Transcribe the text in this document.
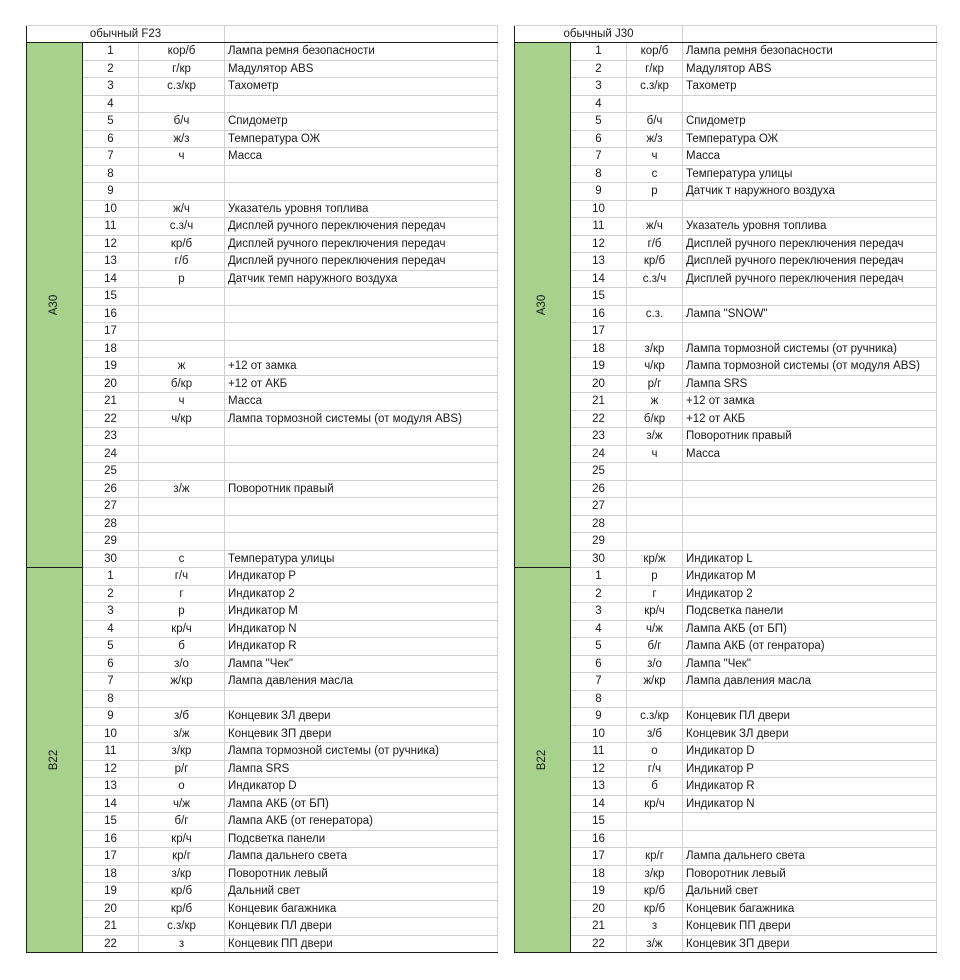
обычный F23			
А30	1	кор/б	Лампа ремня безопасности
	2	г/кр	Мадулятор ABS
	3	с.з/кр	Тахометр
	4		
	5	б/ч	Спидометр
	6	ж/з	Температура ОЖ
	7	ч	Масса
	8		
	9		
	10	ж/ч	Указатель уровня топлива
	11	с.з/ч	Дисплей ручного переключения передач
	12	кр/б	Дисплей ручного переключения передач
	13	г/б	Дисплей ручного переключения передач
	14	р	Датчик темп наружного воздуха
	15		
	16		
	17		
	18		
	19	ж	+12 от замка
	20	б/кр	+12 от АКБ
	21	ч	Масса
	22	ч/кр	Лампа тормозной системы (от модуля ABS)
	23		
	24		
	25		
	26	з/ж	Поворотник правый
	27		
	28		
	29		
	30	с	Температура улицы
В22	1	г/ч	Индикатор P
	2	г	Индикатор 2
	3	р	Индикатор M
	4	кр/ч	Индикатор N
	5	б	Индикатор R
	6	з/о	Лампа "Чек"
	7	ж/кр	Лампа давления масла
	8		
	9	з/б	Концевик ЗЛ двери
	10	з/ж	Концевик ЗП двери
	11	з/кр	Лампа тормозной системы (от ручника)
	12	р/г	Лампа SRS
	13	о	Индикатор D
	14	ч/ж	Лампа АКБ (от БП)
	15	б/г	Лампа АКБ (от генератора)
	16	кр/ч	Подсветка панели
	17	кр/г	Лампа дальнего света
	18	з/кр	Поворотник левый
	19	кр/б	Дальний свет
	20	кр/б	Концевик багажника
	21	с.з/кр	Концевик ПЛ двери
	22	з	Концевик ПП двери
обычный J30			
А30	1	кор/б	Лампа ремня безопасности
	2	г/кр	Мадулятор ABS
	3	с.з/кр	Тахометр
	4		
	5	б/ч	Спидометр
	6	ж/з	Температура ОЖ
	7	ч	Масса
	8	с	Температура улицы
	9	р	Датчик т наружного воздуха
	10		
	11	ж/ч	Указатель уровня топлива
	12	г/б	Дисплей ручного переключения передач
	13	кр/б	Дисплей ручного переключения передач
	14	с.з/ч	Дисплей ручного переключения передач
	15		
	16	с.з.	Лампа "SNOW"
	17		
	18	з/кр	Лампа тормозной системы (от ручника)
	19	ч/кр	Лампа тормозной системы (от модуля ABS)
	20	р/г	Лампа SRS
	21	ж	+12 от замка
	22	б/кр	+12 от АКБ
	23	з/ж	Поворотник правый
	24	ч	Масса
	25		
	26		
	27		
	28		
	29		
	30	кр/ж	Индикатор L
В22	1	р	Индикатор M
	2	г	Индикатор 2
	3	кр/ч	Подсветка панели
	4	ч/ж	Лампа АКБ (от БП)
	5	б/г	Лампа АКБ (от генратора)
	6	з/о	Лампа "Чек"
	7	ж/кр	Лампа давления масла
	8		
	9	с.з/кр	Концевик ПЛ двери
	10	з/б	Концевик ЗЛ двери
	11	о	Индикатор D
	12	г/ч	Индикатор P
	13	б	Индикатор R
	14	кр/ч	Индикатор N
	15		
	16		
	17	кр/г	Лампа дальнего света
	18	з/кр	Поворотник левый
	19	кр/б	Дальний свет
	20	кр/б	Концевик багажника
	21	з	Концевик ПП двери
	22	з/ж	Концевик ЗП двери
